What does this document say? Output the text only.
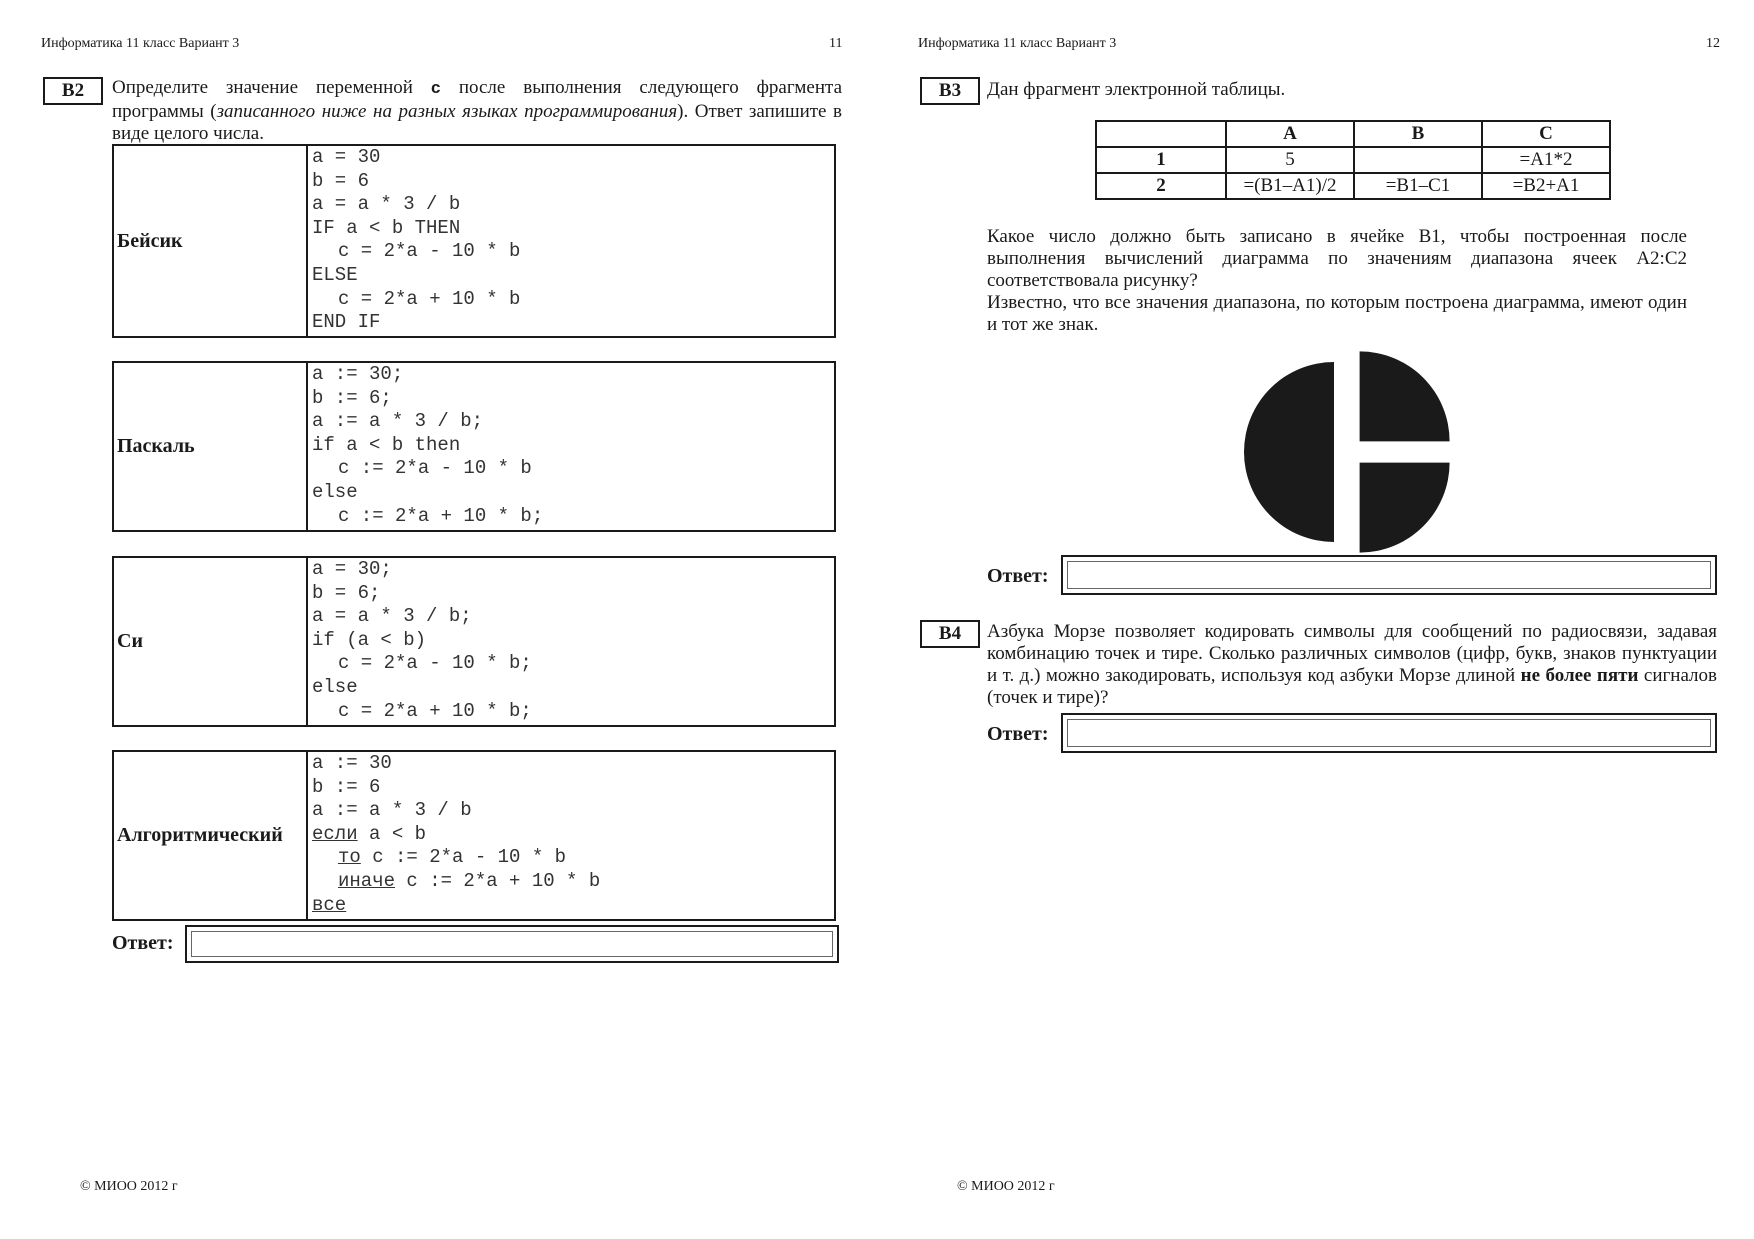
Информатика 11 класс Вариант 3	11
B2	Определите значение переменной c после выполнения следующего фрагмента программы (записанного ниже на разных языках программирования). Ответ запишите в виде целого числа.
Бейсик
a = 30
b = 6
a = a * 3 / b
IF a < b THEN
c = 2*a - 10 * b
ELSE
c = 2*a + 10 * b
END IF
Паскаль
a := 30;
b := 6;
a := a * 3 / b;
if a < b then
c := 2*a - 10 * b
else
c := 2*a + 10 * b;
Си
a = 30;
b = 6;
a = a * 3 / b;
if (a < b)
c = 2*a - 10 * b;
else
c = 2*a + 10 * b;
Алгоритмический
a := 30
b := 6
a := a * 3 / b
если a < b
то c := 2*a - 10 * b
иначе c := 2*a + 10 * b
все
Ответ:
© МИОО 2012 г
Информатика 11 класс Вариант 3	12
B3	Дан фрагмент электронной таблицы.
	A	B	C
1	5		=A1*2
2	=(B1–A1)/2	=B1–C1	=B2+A1
Какое число должно быть записано в ячейке B1, чтобы построенная после выполнения вычислений диаграмма по значениям диапазона ячеек A2:C2 соответствовала рисунку?
Известно, что все значения диапазона, по которым построена диаграмма, имеют один и тот же знак.
Ответ:
B4	Азбука Морзе позволяет кодировать символы для сообщений по радиосвязи, задавая комбинацию точек и тире. Сколько различных символов (цифр, букв, знаков пунктуации и т. д.) можно закодировать, используя код азбуки Морзе длиной не более пяти сигналов (точек и тире)?
Ответ:
© МИОО 2012 г
